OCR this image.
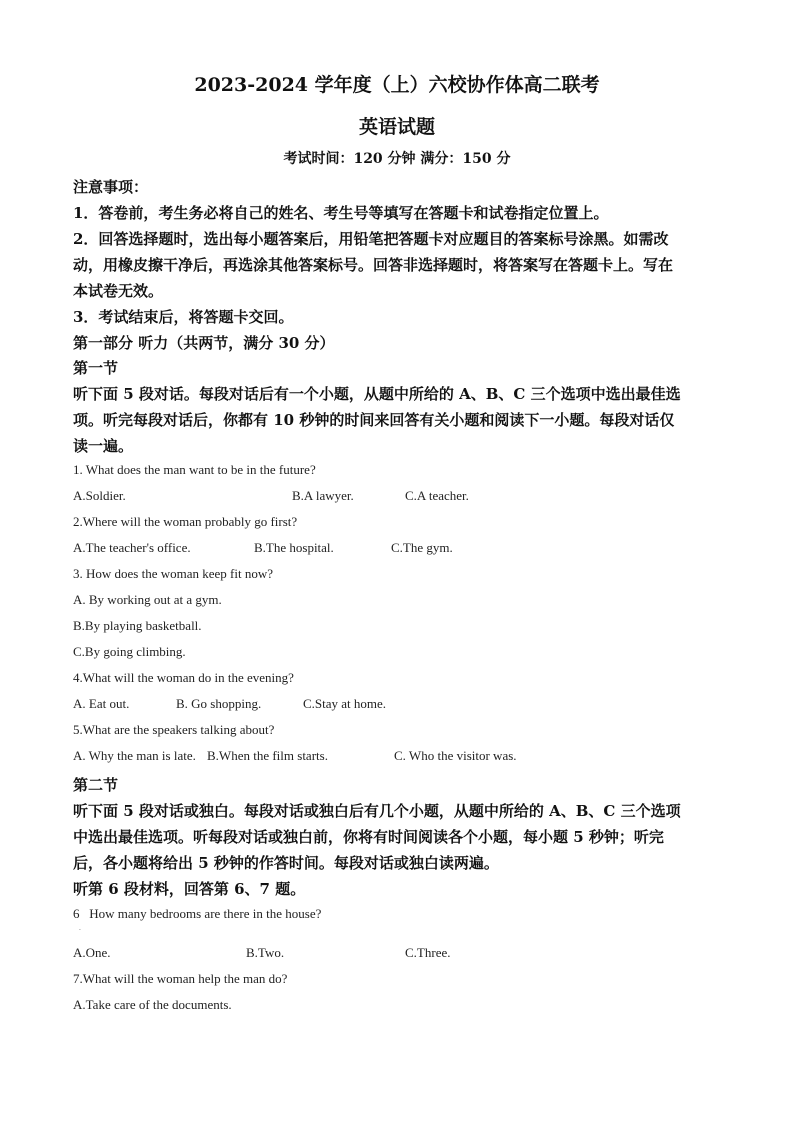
2023-2024 学年度（上）六校协作体高二联考
英语试题
考试时间：120 分钟 满分：150 分
注意事项：
1．答卷前，考生务必将自己的姓名、考生号等填写在答题卡和试卷指定位置上。
2．回答选择题时，选出每小题答案后，用铅笔把答题卡对应题目的答案标号涂黑。如需改
动，用橡皮擦干净后，再选涂其他答案标号。回答非选择题时，将答案写在答题卡上。写在
本试卷无效。
3．考试结束后，将答题卡交回。
第一部分 听力（共两节，满分 30 分）
第一节
听下面 5 段对话。每段对话后有一个小题，从题中所给的 A、B、C 三个选项中选出最佳选
项。听完每段对话后，你都有 10 秒钟的时间来回答有关小题和阅读下一小题。每段对话仅
读一遍。
1. What does the man want to be in the future?
A.Soldier.	B.A lawyer.	C.A teacher.
2.Where will the woman probably go first?
A.The teacher's office.	B.The hospital.	C.The gym.
3. How does the woman keep fit now?
A. By working out at a gym.
B.By playing basketball.
C.By going climbing.
4.What will the woman do in the evening?
A. Eat out.	B. Go shopping.	C.Stay at home.
5.What are the speakers talking about?
A. Why the man is late. B.When the film starts.	C. Who the visitor was.
第二节
听下面 5 段对话或独白。每段对话或独白后有几个小题，从题中所给的 A、B、C 三个选项
中选出最佳选项。听每段对话或独白前，你将有时间阅读各个小题，每小题 5 秒钟；听完
后，各小题将给出 5 秒钟的作答时间。每段对话或独白读两遍。
听第 6 段材料，回答第 6、7 题。
6   How many bedrooms are there in the house?
·
A.One.	B.Two.	C.Three.
7.What will the woman help the man do?
A.Take care of the documents.
